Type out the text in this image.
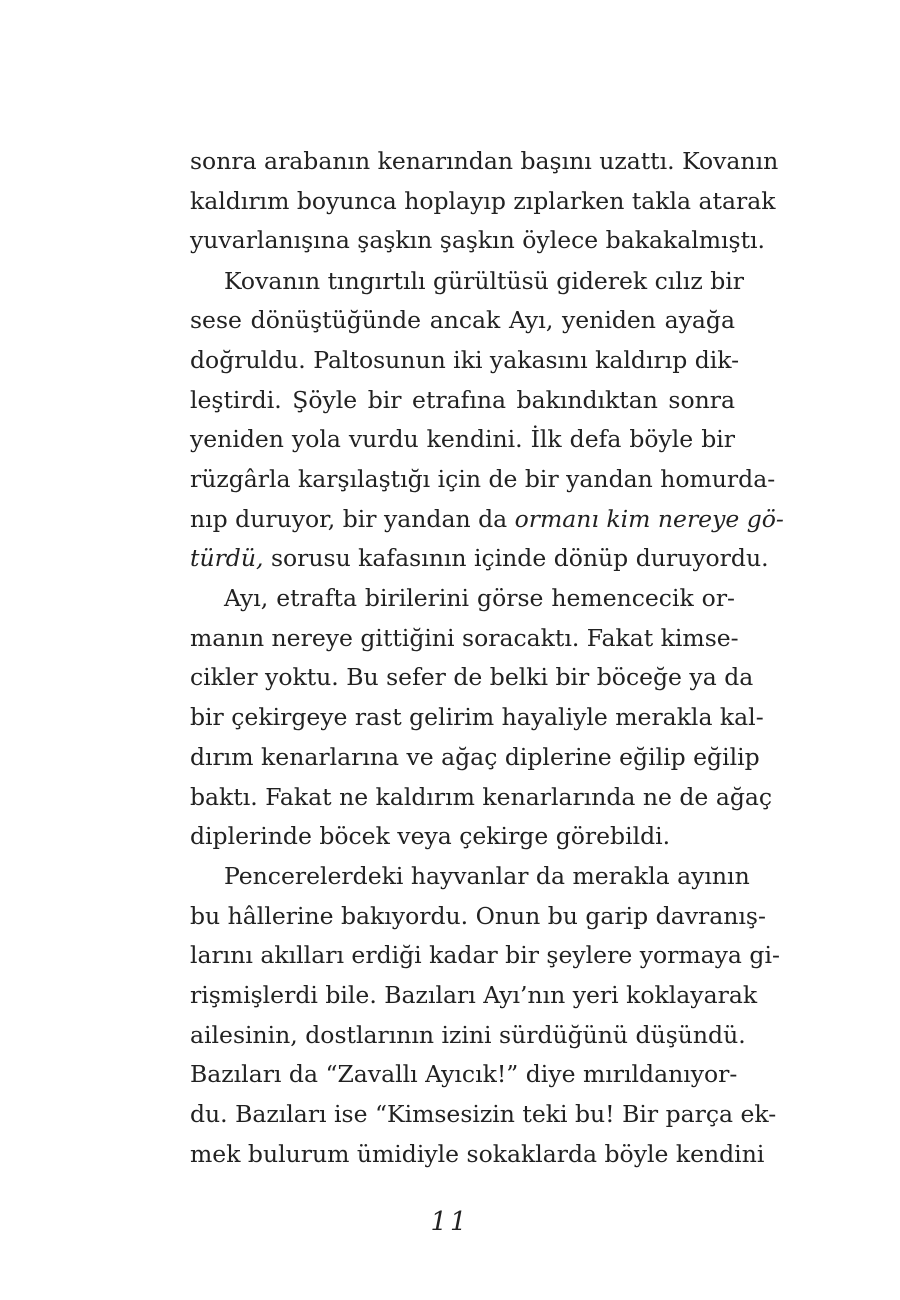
sonra arabanın kenarından başını uzattı. Kovanın
kaldırım boyunca hoplayıp zıplarken takla atarak
yuvarlanışına şaşkın şaşkın öylece bakakalmıştı.
Kovanın tıngırtılı gürültüsü giderek cılız bir
sese dönüştüğünde ancak Ayı, yeniden ayağa
doğruldu. Paltosunun iki yakasını kaldırıp dik-
leştirdi. Şöyle bir etrafına bakındıktan sonra
yeniden yola vurdu kendini. İlk defa böyle bir
rüzgârla karşılaştığı için de bir yandan homurda-
nıp duruyor, bir yandan da ormanı kim nereye gö-
türdü, sorusu kafasının içinde dönüp duruyordu.
Ayı, etrafta birilerini görse hemencecik or-
manın nereye gittiğini soracaktı. Fakat kimse-
cikler yoktu. Bu sefer de belki bir böceğe ya da
bir çekirgeye rast gelirim hayaliyle merakla kal-
dırım kenarlarına ve ağaç diplerine eğilip eğilip
baktı. Fakat ne kaldırım kenarlarında ne de ağaç
diplerinde böcek veya çekirge görebildi.
Pencerelerdeki hayvanlar da merakla ayının
bu hâllerine bakıyordu. Onun bu garip davranış-
larını akılları erdiği kadar bir şeylere yormaya gi-
rişmişlerdi bile. Bazıları Ayı’nın yeri koklayarak
ailesinin, dostlarının izini sürdüğünü düşündü.
Bazıları da “Zavallı Ayıcık!” diye mırıldanıyor-
du. Bazıları ise “Kimsesizin teki bu! Bir parça ek-
mek bulurum ümidiyle sokaklarda böyle kendini
11
